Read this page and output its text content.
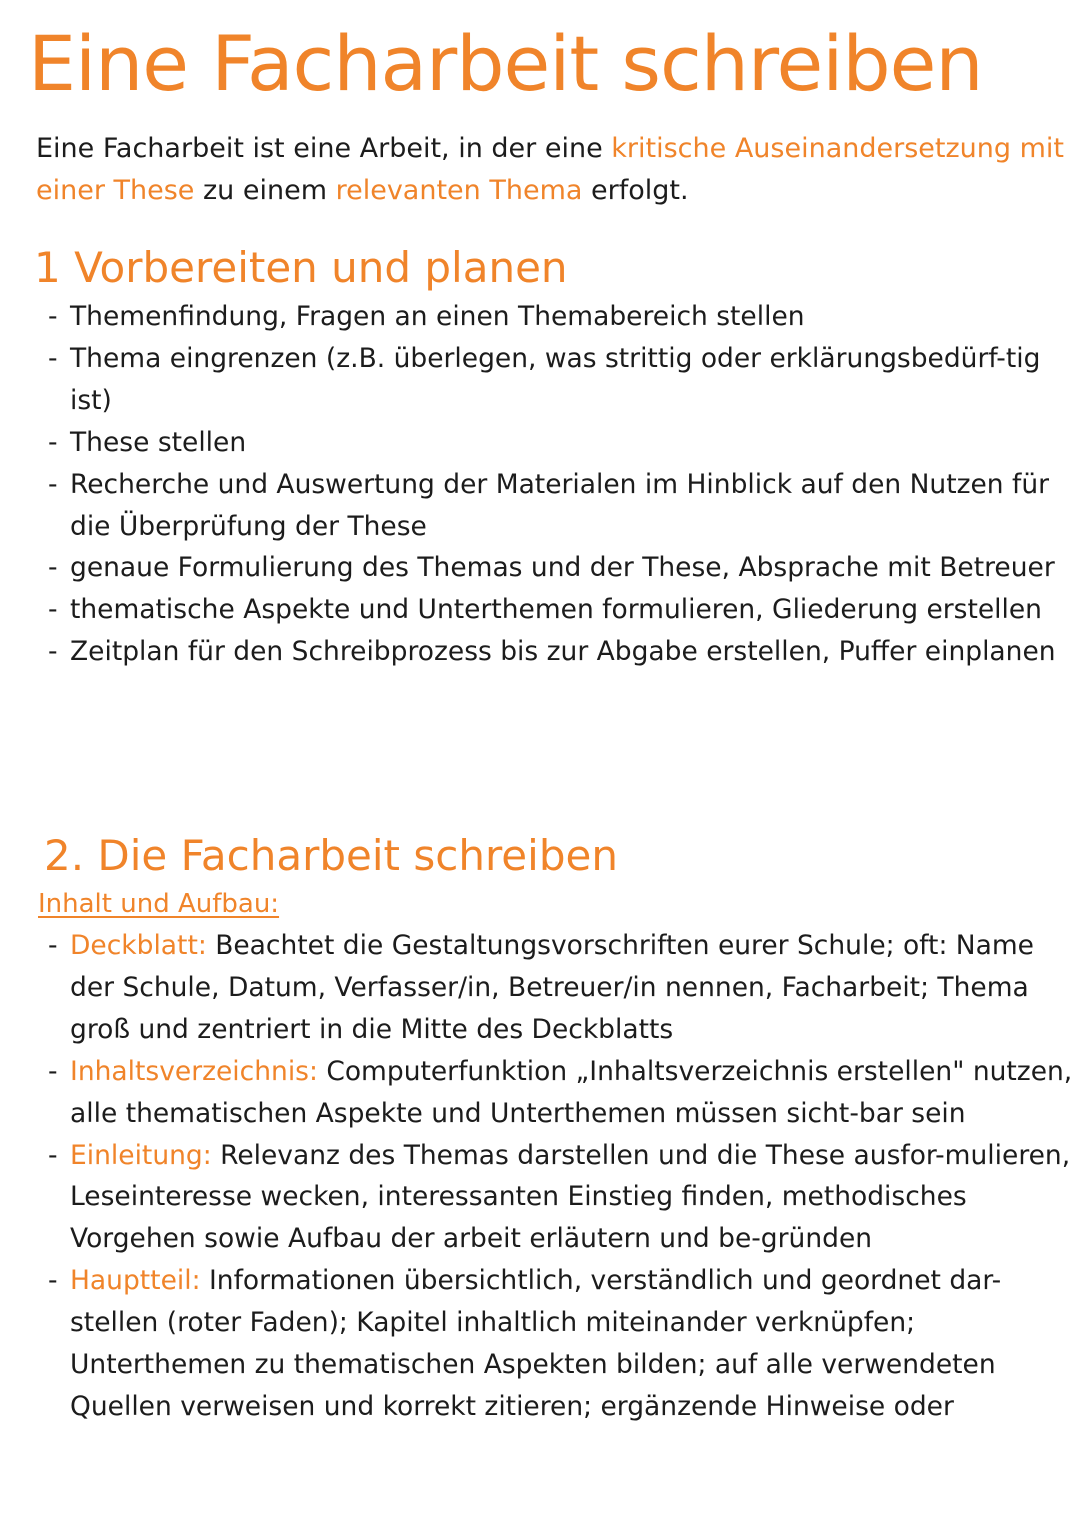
Eine Facharbeit schreiben
Eine Facharbeit ist eine Arbeit, in der eine kritische Auseinandersetzung mit einer These zu einem relevanten Thema erfolgt.
1 Vorbereiten und planen
- Themenfindung, Fragen an einen Themabereich stellen
- Thema eingrenzen (z.B. überlegen, was strittig oder erklärungsbedürf-tig ist)
- These stellen
- Recherche und Auswertung der Materialen im Hinblick auf den Nutzen für die Überprüfung der These
- genaue Formulierung des Themas und der These, Absprache mit Betreuer
- thematische Aspekte und Unterthemen formulieren, Gliederung erstellen
- Zeitplan für den Schreibprozess bis zur Abgabe erstellen, Puffer einplanen
2. Die Facharbeit schreiben
Inhalt und Aufbau:
- Deckblatt: Beachtet die Gestaltungsvorschriften eurer Schule; oft: Name der Schule, Datum, Verfasser/in, Betreuer/in nennen, Facharbeit; Thema groß und zentriert in die Mitte des Deckblatts
- Inhaltsverzeichnis: Computerfunktion „Inhaltsverzeichnis erstellen" nutzen, alle thematischen Aspekte und Unterthemen müssen sicht-bar sein
- Einleitung: Relevanz des Themas darstellen und die These ausfor-mulieren, Leseinteresse wecken, interessanten Einstieg finden, methodisches Vorgehen sowie Aufbau der arbeit erläutern und be-gründen
- Hauptteil: Informationen übersichtlich, verständlich und geordnet dar-stellen (roter Faden); Kapitel inhaltlich miteinander verknüpfen; Unterthemen zu thematischen Aspekten bilden; auf alle verwendeten Quellen verweisen und korrekt zitieren; ergänzende Hinweise oder
